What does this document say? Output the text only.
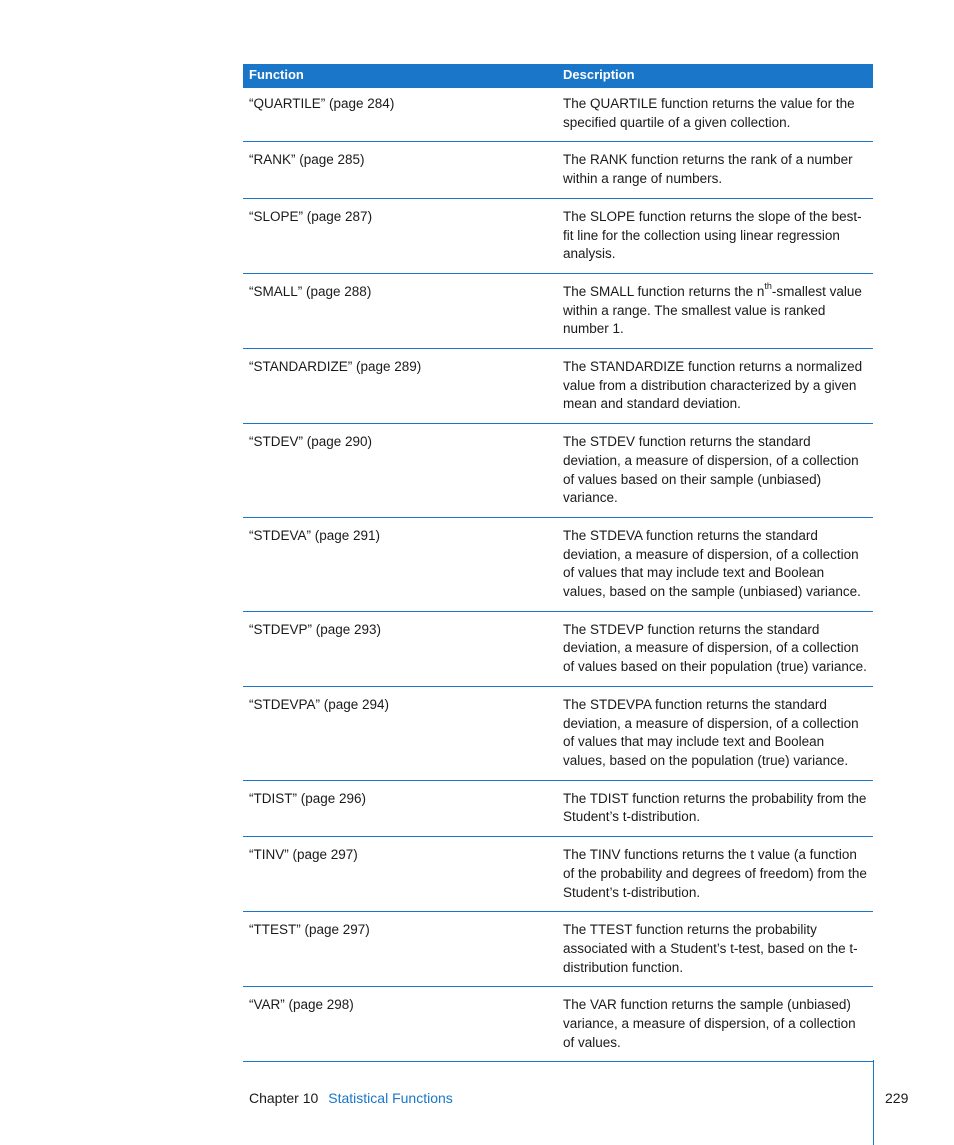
Function	Description
“QUARTILE” (page 284)	The QUARTILE function returns the value for the specified quartile of a given collection.
“RANK” (page 285)	The RANK function returns the rank of a number within a range of numbers.
“SLOPE” (page 287)	The SLOPE function returns the slope of the best-fit line for the collection using linear regression analysis.
“SMALL” (page 288)	The SMALL function returns the $n^{th}$-smallest value within a range. The smallest value is ranked number 1.
“STANDARDIZE” (page 289)	The STANDARDIZE function returns a normalized value from a distribution characterized by a given mean and standard deviation.
“STDEV” (page 290)	The STDEV function returns the standard deviation, a measure of dispersion, of a collection of values based on their sample (unbiased) variance.
“STDEVA” (page 291)	The STDEVA function returns the standard deviation, a measure of dispersion, of a collection of values that may include text and Boolean values, based on the sample (unbiased) variance.
“STDEVP” (page 293)	The STDEVP function returns the standard deviation, a measure of dispersion, of a collection of values based on their population (true) variance.
“STDEVPA” (page 294)	The STDEVPA function returns the standard deviation, a measure of dispersion, of a collection of values that may include text and Boolean values, based on the population (true) variance.
“TDIST” (page 296)	The TDIST function returns the probability from the Student’s t-distribution.
“TINV” (page 297)	The TINV functions returns the t value (a function of the probability and degrees of freedom) from the Student’s t-distribution.
“TTEST” (page 297)	The TTEST function returns the probability associated with a Student’s t-test, based on the t-distribution function.
“VAR” (page 298)	The VAR function returns the sample (unbiased) variance, a measure of dispersion, of a collection of values.
Chapter 10 Statistical Functions	229
